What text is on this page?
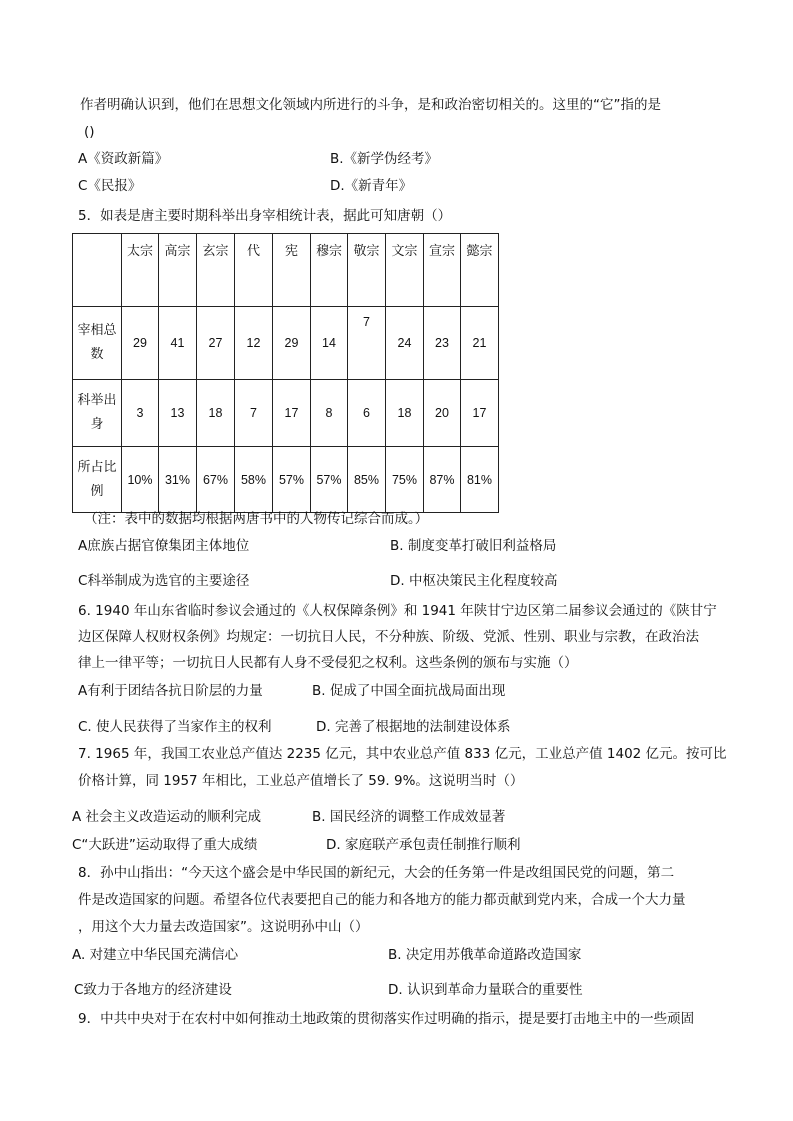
作者明确认识到，他们在思想文化领域内所进行的斗争，是和政治密切相关的。这里的“它”指的是
()
A《资政新篇》	B.《新学伪经考》
C《民报》	D.《新青年》
5．如表是唐主要时期科举出身宰相统计表，据此可知唐朝（）
	太宗	高宗	玄宗	代	宪	穆宗	敬宗	文宗	宣宗	懿宗
宰相总
数	29	41	27	12	29	14	7	24	23	21
科举出
身	3	13	18	7	17	8	6	18	20	17
所占比
例	10%	31%	67%	58%	57%	57%	85%	75%	87%	81%
（注：表中的数据均根据两唐书中的人物传记综合而成。）
A庶族占据官僚集团主体地位	B. 制度变革打破旧利益格局
C科举制成为选官的主要途径	D. 中枢决策民主化程度较高
6. 1940 年山东省临时参议会通过的《人权保障条例》和 1941 年陕甘宁边区第二届参议会通过的《陕甘宁
边区保障人权财权条例》均规定：一切抗日人民，不分种族、阶级、党派、性别、职业与宗教，在政治法
律上一律平等；一切抗日人民都有人身不受侵犯之权利。这些条例的颁布与实施（）
A有利于团结各抗日阶层的力量	B. 促成了中国全面抗战局面出现
C. 使人民获得了当家作主的权利	D. 完善了根据地的法制建设体系
7. 1965 年，我国工农业总产值达 2235 亿元，其中农业总产值 833 亿元，工业总产值 1402 亿元。按可比
价格计算，同 1957 年相比，工业总产值增长了 59. 9%。这说明当时（）
A 社会主义改造运动的顺利完成	B. 国民经济的调整工作成效显著
C“大跃进”运动取得了重大成绩	D. 家庭联产承包责任制推行顺利
8．孙中山指出：“今天这个盛会是中华民国的新纪元，大会的任务第一件是改组国民党的问题，第二
件是改造国家的问题。希望各位代表要把自己的能力和各地方的能力都贡献到党内来，合成一个大力量
，用这个大力量去改造国家”。这说明孙中山（）
A. 对建立中华民国充满信心	B. 决定用苏俄革命道路改造国家
C致力于各地方的经济建设	D. 认识到革命力量联合的重要性
9．中共中央对于在农村中如何推动土地政策的贯彻落实作过明确的指示，提是要打击地主中的一些顽固
